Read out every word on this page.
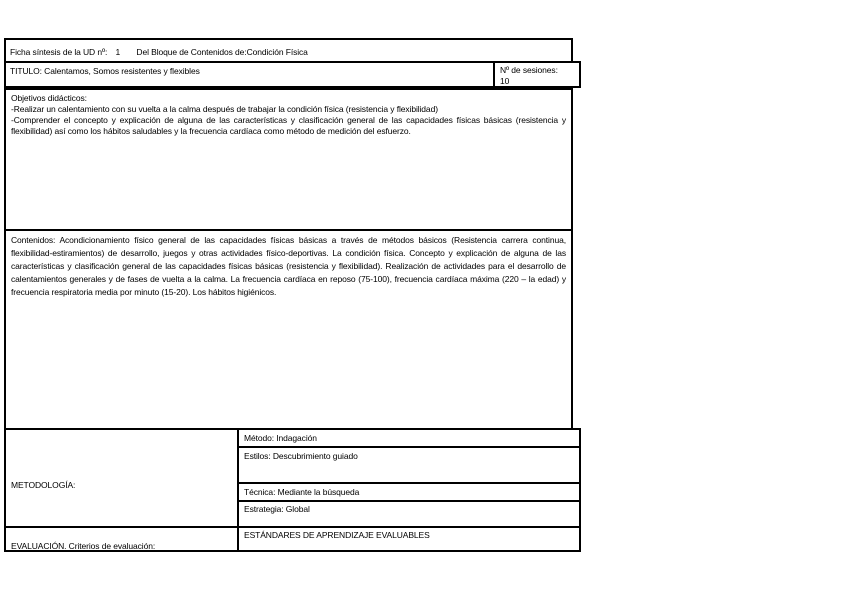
Ficha síntesis de la UD nº: 1 Del Bloque de Contenidos de:Condición Física
TITULO: Calentamos, Somos resistentes y flexibles	Nº de sesiones:
10
Objetivos didácticos:
-Realizar un calentamiento con su vuelta a la calma después de trabajar la condición física (resistencia y flexibilidad)
-Comprender el concepto y explicación de alguna de las características y clasificación general de las capacidades físicas básicas (resistencia y flexibilidad) así como los hábitos saludables y la frecuencia cardíaca como método de medición del esfuerzo.
Contenidos: Acondicionamiento físico general de las capacidades físicas básicas a través de métodos básicos (Resistencia carrera continua, flexibilidad-estiramientos) de desarrollo, juegos y otras actividades físico-deportivas. La condición física. Concepto y explicación de alguna de las características y clasificación general de las capacidades físicas básicas (resistencia y flexibilidad). Realización de actividades para el desarrollo de calentamientos generales y de fases de vuelta a la calma. La frecuencia cardíaca en reposo (75-100), frecuencia cardíaca máxima (220 – la edad) y frecuencia respiratoria media por minuto (15-20). Los hábitos higiénicos.
METODOLOGÍA:
Método: Indagación
Estilos: Descubrimiento guiado
Técnica: Mediante la búsqueda
Estrategia: Global
EVALUACIÓN. Criterios de evaluación:
ESTÁNDARES DE APRENDIZAJE EVALUABLES
